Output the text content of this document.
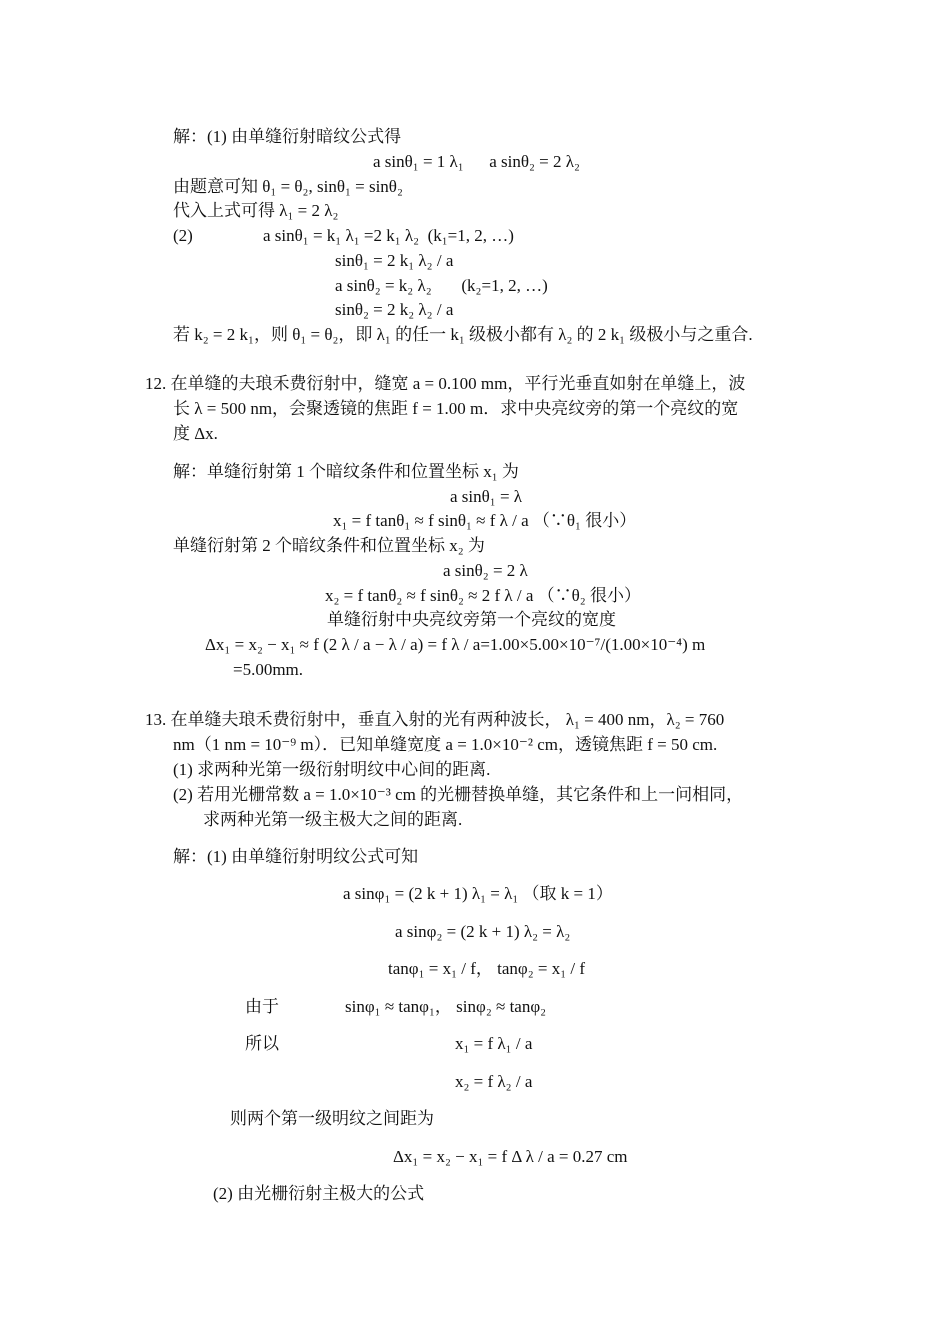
解：(1) 由单缝衍射暗纹公式得
a sinθ₁ = 1 λ₁      a sinθ₂ = 2 λ₂
由题意可知 θ₁ = θ₂, sinθ₁ = sinθ₂
代入上式可得 λ₁ = 2 λ₂
(2)	a sinθ₁ = k₁ λ₁ =2 k₁ λ₂  (k₁=1, 2, …)
sinθ₁ = 2 k₁ λ₂ / a
a sinθ₂ = k₂ λ₂       (k₂=1, 2, …)
sinθ₂ = 2 k₂ λ₂ / a
若 k₂ = 2 k₁，则 θ₁ = θ₂，即 λ₁ 的任一 k₁ 级极小都有 λ₂ 的 2 k₁ 级极小与之重合.
12. 在单缝的夫琅禾费衍射中，缝宽 a = 0.100 mm，平行光垂直如射在单缝上，波
长 λ = 500 nm，会聚透镜的焦距 f = 1.00 m．求中央亮纹旁的第一个亮纹的宽
度 Δx.
解：单缝衍射第 1 个暗纹条件和位置坐标 x₁ 为
a sinθ₁ = λ
x₁ = f tanθ₁ ≈ f sinθ₁ ≈ f λ / a （∵θ₁ 很小）
单缝衍射第 2 个暗纹条件和位置坐标 x₂ 为
a sinθ₂ = 2 λ
x₂ = f tanθ₂ ≈ f sinθ₂ ≈ 2 f λ / a （∵θ₂ 很小）
单缝衍射中央亮纹旁第一个亮纹的宽度
Δx₁ = x₂ − x₁ ≈ f (2 λ / a − λ / a) = f λ / a=1.00×5.00×10⁻⁷/(1.00×10⁻⁴) m
=5.00mm.
13. 在单缝夫琅禾费衍射中，垂直入射的光有两种波长， λ₁ = 400 nm，λ₂ = 760
nm（1 nm = 10⁻⁹ m）．已知单缝宽度 a = 1.0×10⁻² cm，透镜焦距 f = 50 cm.
(1) 求两种光第一级衍射明纹中心间的距离.
(2) 若用光栅常数 a = 1.0×10⁻³ cm 的光栅替换单缝，其它条件和上一问相同，
求两种光第一级主极大之间的距离.
解：(1) 由单缝衍射明纹公式可知
a sinφ₁ = (2 k + 1) λ₁ = λ₁ （取 k = 1）
a sinφ₂ = (2 k + 1) λ₂ = λ₂
tanφ₁ = x₁ / f， tanφ₂ = x₁ / f
由于	sinφ₁ ≈ tanφ₁， sinφ₂ ≈ tanφ₂
所以	x₁ = f λ₁ / a
x₂ = f λ₂ / a
则两个第一级明纹之间距为
Δx₁ = x₂ − x₁ = f Δ λ / a = 0.27 cm
(2) 由光栅衍射主极大的公式
